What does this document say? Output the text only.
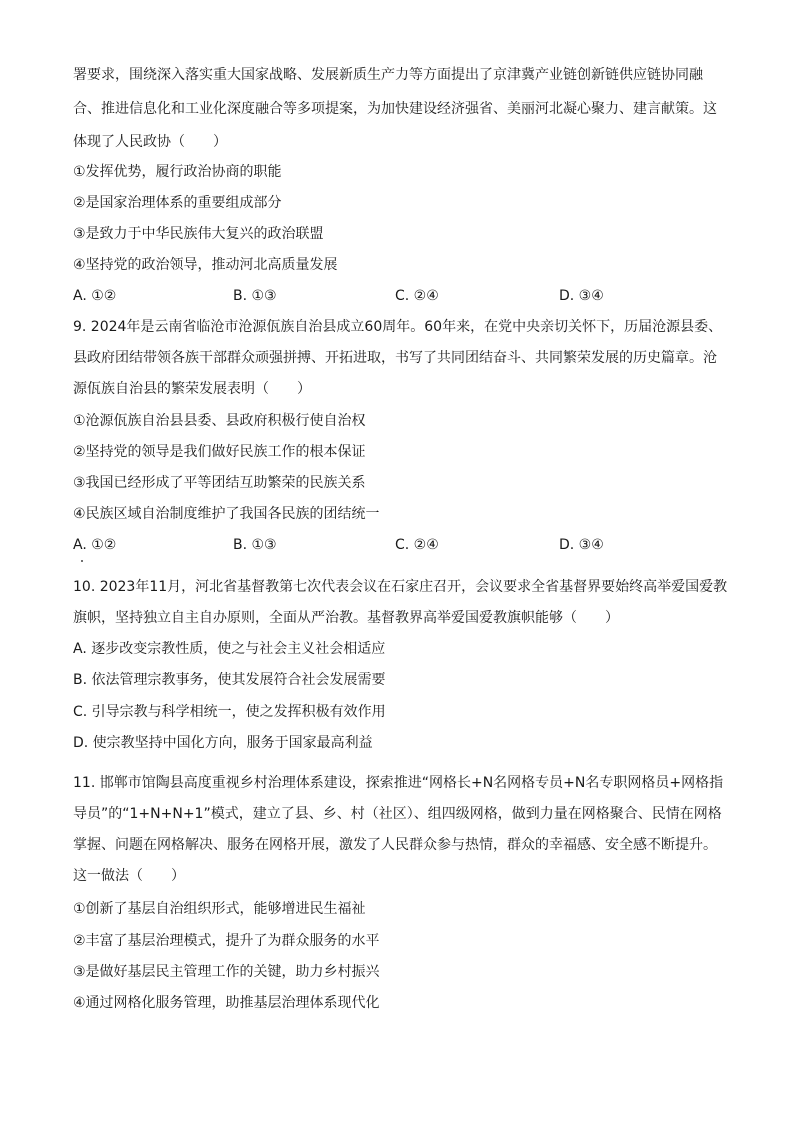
署要求，围绕深入落实重大国家战略、发展新质生产力等方面提出了京津冀产业链创新链供应链协同融
合、推进信息化和工业化深度融合等多项提案，为加快建设经济强省、美丽河北凝心聚力、建言献策。这
体现了人民政协（　　）
①发挥优势，履行政治协商的职能
②是国家治理体系的重要组成部分
③是致力于中华民族伟大复兴的政治联盟
④坚持党的政治领导，推动河北高质量发展
A. ①②	B. ①③	C. ②④	D. ③④
9. 2024年是云南省临沧市沧源佤族自治县成立60周年。60年来，在党中央亲切关怀下，历届沧源县委、
县政府团结带领各族干部群众顽强拼搏、开拓进取，书写了共同团结奋斗、共同繁荣发展的历史篇章。沧
源佤族自治县的繁荣发展表明（　　）
①沧源佤族自治县县委、县政府积极行使自治权
②坚持党的领导是我们做好民族工作的根本保证
③我国已经形成了平等团结互助繁荣的民族关系
④民族区域自治制度维护了我国各民族的团结统一
A. ①②	B. ①③	C. ②④	D. ③④
10. 2023年11月，河北省基督教第七次代表会议在石家庄召开，会议要求全省基督界要始终高举爱国爱教
旗帜，坚持独立自主自办原则，全面从严治教。基督教界高举爱国爱教旗帜能够（　　）
A. 逐步改变宗教性质，使之与社会主义社会相适应
B. 依法管理宗教事务，使其发展符合社会发展需要
C. 引导宗教与科学相统一，使之发挥积极有效作用
D. 使宗教坚持中国化方向，服务于国家最高利益
11. 邯郸市馆陶县高度重视乡村治理体系建设，探索推进“网格长+N名网格专员+N名专职网格员+网格指
导员”的“1+N+N+1”模式，建立了县、乡、村（社区）、组四级网格，做到力量在网格聚合、民情在网格
掌握、问题在网格解决、服务在网格开展，激发了人民群众参与热情，群众的幸福感、安全感不断提升。
这一做法（　　）
①创新了基层自治组织形式，能够增进民生福祉
②丰富了基层治理模式，提升了为群众服务的水平
③是做好基层民主管理工作的关键，助力乡村振兴
④通过网格化服务管理，助推基层治理体系现代化
